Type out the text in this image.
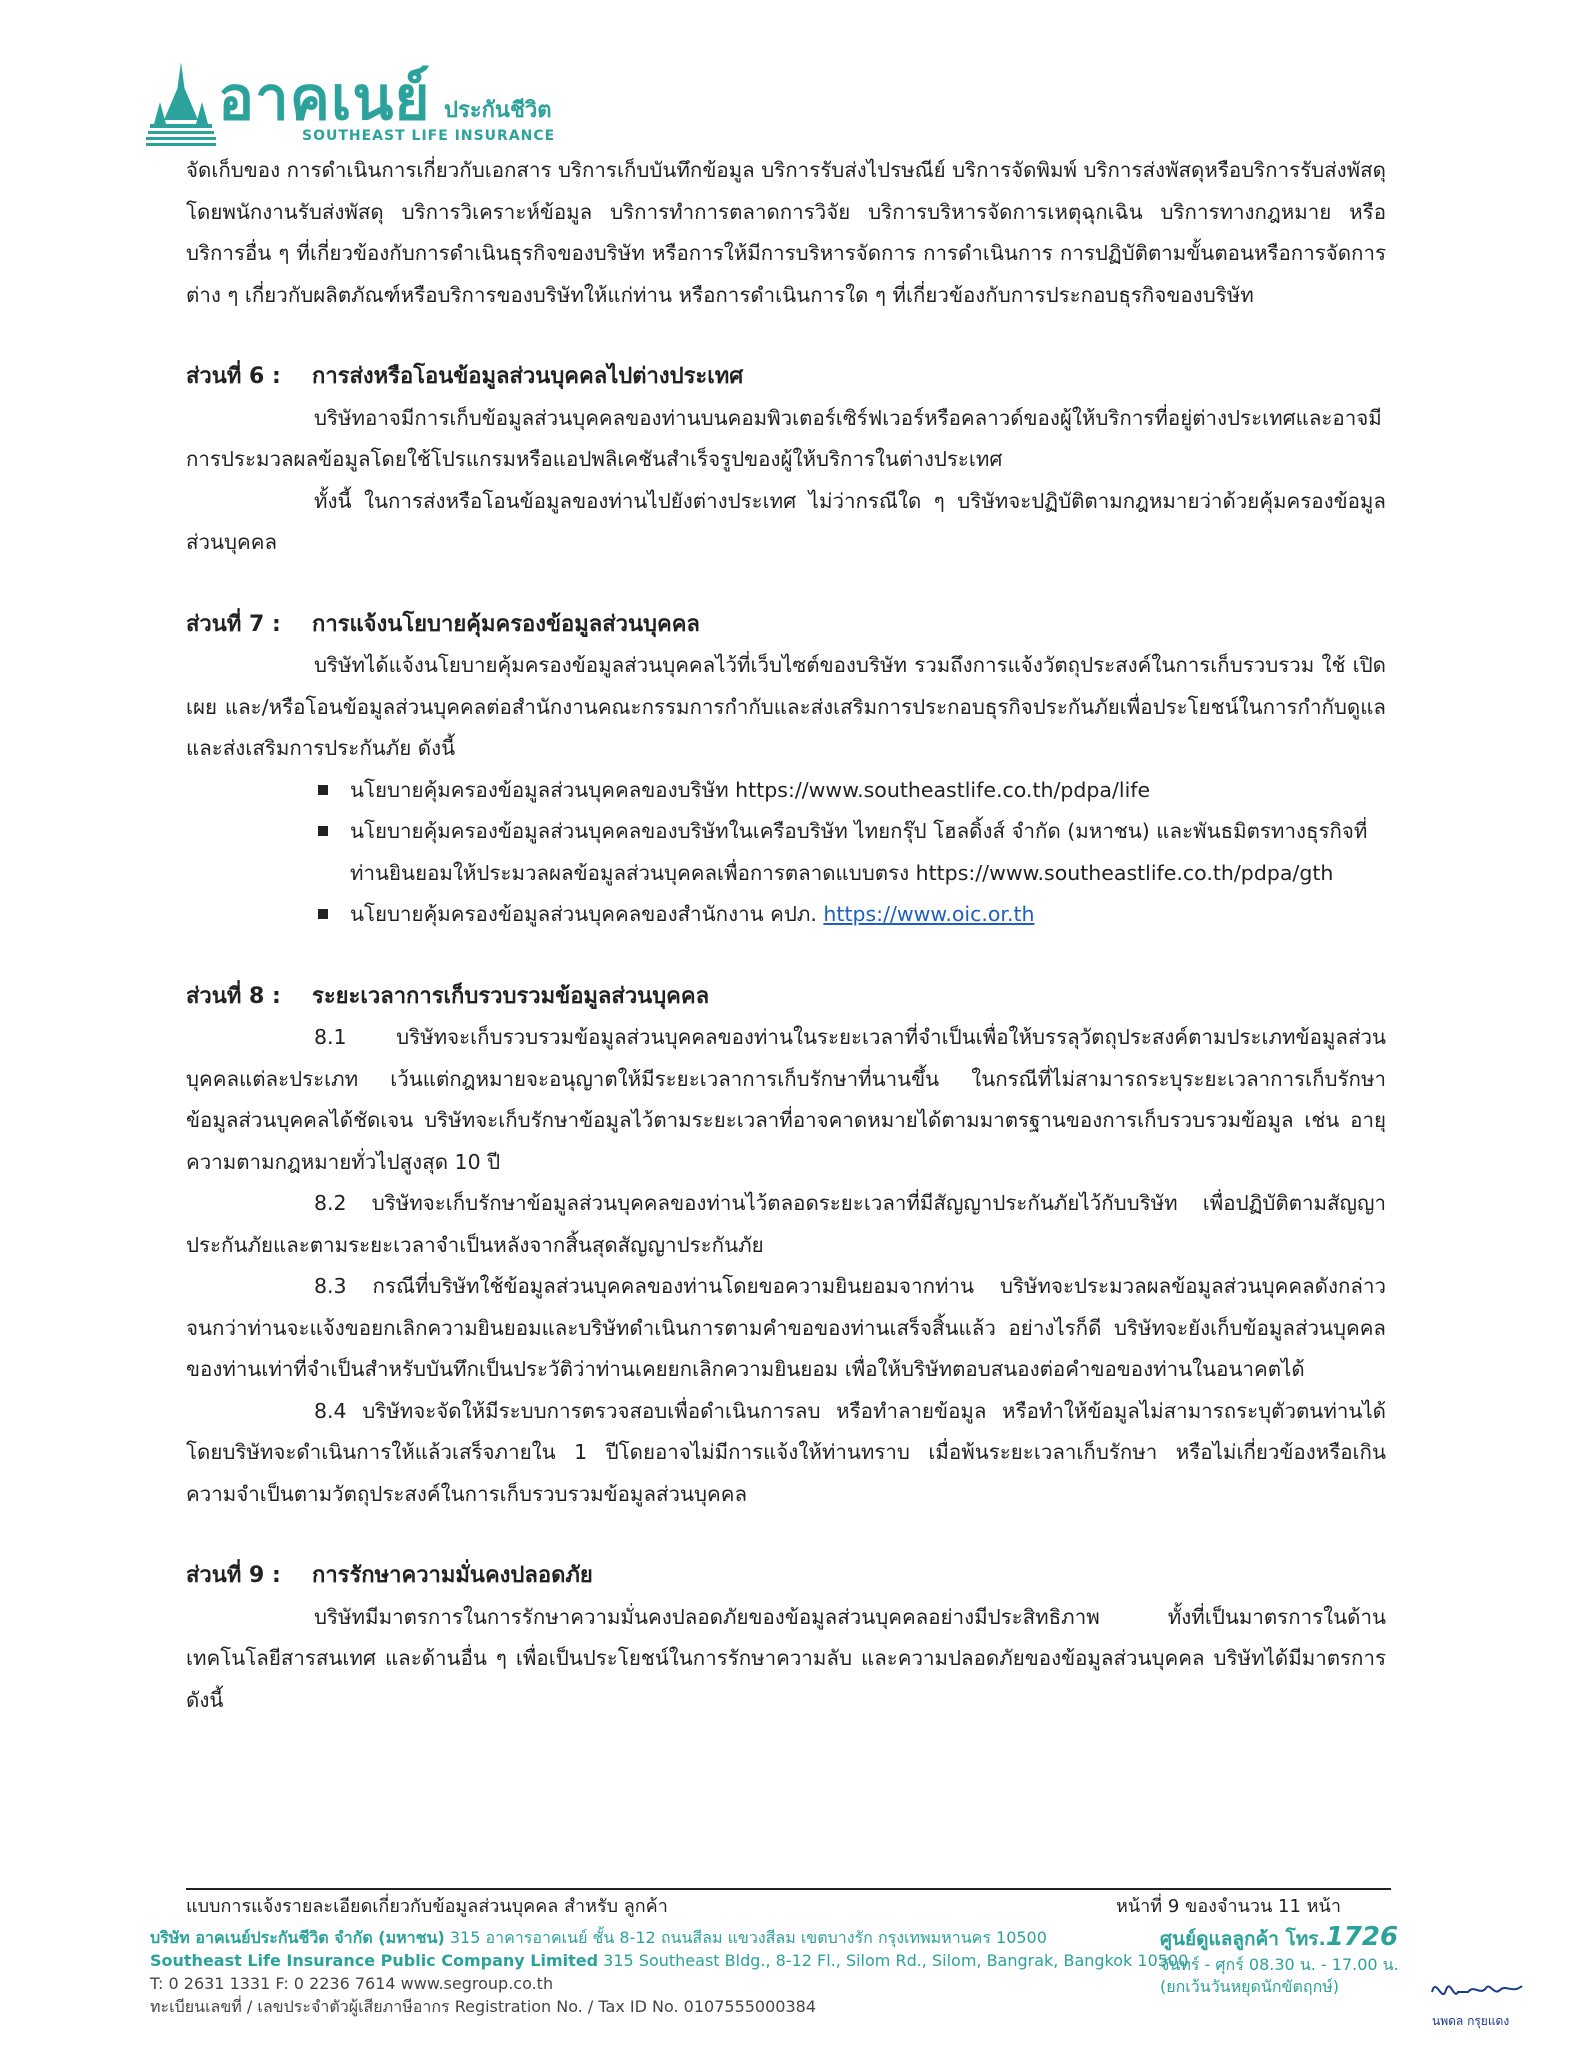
อาคเนย์ ประกันชีวิต
SOUTHEAST LIFE INSURANCE

จัดเก็บของ การดำเนินการเกี่ยวกับเอกสาร บริการเก็บบันทึกข้อมูล บริการรับส่งไปรษณีย์ บริการจัดพิมพ์ บริการส่งพัสดุหรือบริการรับส่งพัสดุโดยพนักงานรับส่งพัสดุ บริการวิเคราะห์ข้อมูล บริการทำการตลาดการวิจัย บริการบริหารจัดการเหตุฉุกเฉิน บริการทางกฎหมาย หรือบริการอื่น ๆ ที่เกี่ยวข้องกับการดำเนินธุรกิจของบริษัท หรือการให้มีการบริหารจัดการ การดำเนินการ การปฏิบัติตามขั้นตอนหรือการจัดการต่าง ๆ เกี่ยวกับผลิตภัณฑ์หรือบริการของบริษัทให้แก่ท่าน หรือการดำเนินการใด ๆ ที่เกี่ยวข้องกับการประกอบธุรกิจของบริษัท

ส่วนที่ 6 : การส่งหรือโอนข้อมูลส่วนบุคคลไปต่างประเทศ

บริษัทอาจมีการเก็บข้อมูลส่วนบุคคลของท่านบนคอมพิวเตอร์เซิร์ฟเวอร์หรือคลาวด์ของผู้ให้บริการที่อยู่ต่างประเทศและอาจมีการประมวลผลข้อมูลโดยใช้โปรแกรมหรือแอปพลิเคชันสำเร็จรูปของผู้ให้บริการในต่างประเทศ

ทั้งนี้ ในการส่งหรือโอนข้อมูลของท่านไปยังต่างประเทศ ไม่ว่ากรณีใด ๆ บริษัทจะปฏิบัติตามกฎหมายว่าด้วยคุ้มครองข้อมูลส่วนบุคคล

ส่วนที่ 7 : การแจ้งนโยบายคุ้มครองข้อมูลส่วนบุคคล

บริษัทได้แจ้งนโยบายคุ้มครองข้อมูลส่วนบุคคลไว้ที่เว็บไซต์ของบริษัท รวมถึงการแจ้งวัตถุประสงค์ในการเก็บรวบรวม ใช้ เปิดเผย และ/หรือโอนข้อมูลส่วนบุคคลต่อสำนักงานคณะกรรมการกำกับและส่งเสริมการประกอบธุรกิจประกันภัยเพื่อประโยชน์ในการกำกับดูแลและส่งเสริมการประกันภัย ดังนี้

นโยบายคุ้มครองข้อมูลส่วนบุคคลของบริษัท https://www.southeastlife.co.th/pdpa/life
นโยบายคุ้มครองข้อมูลส่วนบุคคลของบริษัทในเครือบริษัท ไทยกรุ๊ป โฮลดิ้งส์ จำกัด (มหาชน) และพันธมิตรทางธุรกิจที่ท่านยินยอมให้ประมวลผลข้อมูลส่วนบุคคลเพื่อการตลาดแบบตรง https://www.southeastlife.co.th/pdpa/gth
นโยบายคุ้มครองข้อมูลส่วนบุคคลของสำนักงาน คปภ. https://www.oic.or.th
ส่วนที่ 8 : ระยะเวลาการเก็บรวบรวมข้อมูลส่วนบุคคล

8.1 บริษัทจะเก็บรวบรวมข้อมูลส่วนบุคคลของท่านในระยะเวลาที่จำเป็นเพื่อให้บรรลุวัตถุประสงค์ตามประเภทข้อมูลส่วนบุคคลแต่ละประเภท เว้นแต่กฎหมายจะอนุญาตให้มีระยะเวลาการเก็บรักษาที่นานขึ้น ในกรณีที่ไม่สามารถระบุระยะเวลาการเก็บรักษาข้อมูลส่วนบุคคลได้ชัดเจน บริษัทจะเก็บรักษาข้อมูลไว้ตามระยะเวลาที่อาจคาดหมายได้ตามมาตรฐานของการเก็บรวบรวมข้อมูล เช่น อายุความตามกฎหมายทั่วไปสูงสุด 10 ปี

8.2 บริษัทจะเก็บรักษาข้อมูลส่วนบุคคลของท่านไว้ตลอดระยะเวลาที่มีสัญญาประกันภัยไว้กับบริษัท เพื่อปฏิบัติตามสัญญาประกันภัยและตามระยะเวลาจำเป็นหลังจากสิ้นสุดสัญญาประกันภัย

8.3 กรณีที่บริษัทใช้ข้อมูลส่วนบุคคลของท่านโดยขอความยินยอมจากท่าน บริษัทจะประมวลผลข้อมูลส่วนบุคคลดังกล่าวจนกว่าท่านจะแจ้งขอยกเลิกความยินยอมและบริษัทดำเนินการตามคำขอของท่านเสร็จสิ้นแล้ว อย่างไรก็ดี บริษัทจะยังเก็บข้อมูลส่วนบุคคลของท่านเท่าที่จำเป็นสำหรับบันทึกเป็นประวัติว่าท่านเคยยกเลิกความยินยอม เพื่อให้บริษัทตอบสนองต่อคำขอของท่านในอนาคตได้

8.4 บริษัทจะจัดให้มีระบบการตรวจสอบเพื่อดำเนินการลบ หรือทำลายข้อมูล หรือทำให้ข้อมูลไม่สามารถระบุตัวตนท่านได้ โดยบริษัทจะดำเนินการให้แล้วเสร็จภายใน 1 ปีโดยอาจไม่มีการแจ้งให้ท่านทราบ เมื่อพ้นระยะเวลาเก็บรักษา หรือไม่เกี่ยวข้องหรือเกินความจำเป็นตามวัตถุประสงค์ในการเก็บรวบรวมข้อมูลส่วนบุคคล

ส่วนที่ 9 : การรักษาความมั่นคงปลอดภัย

บริษัทมีมาตรการในการรักษาความมั่นคงปลอดภัยของข้อมูลส่วนบุคคลอย่างมีประสิทธิภาพ ทั้งที่เป็นมาตรการในด้านเทคโนโลยีสารสนเทศ และด้านอื่น ๆ เพื่อเป็นประโยชน์ในการรักษาความลับ และความปลอดภัยของข้อมูลส่วนบุคคล บริษัทได้มีมาตรการ ดังนี้

แบบการแจ้งรายละเอียดเกี่ยวกับข้อมูลส่วนบุคคล สำหรับ ลูกค้า	หน้าที่ 9 ของจำนวน 11 หน้า
บริษัท อาคเนย์ประกันชีวิต จำกัด (มหาชน) 315 อาคารอาคเนย์ ชั้น 8-12 ถนนสีลม แขวงสีลม เขตบางรัก กรุงเทพมหานคร 10500
Southeast Life Insurance Public Company Limited 315 Southeast Bldg., 8-12 Fl., Silom Rd., Silom, Bangrak, Bangkok 10500
T: 0 2631 1331 F: 0 2236 7614 www.segroup.co.th
ทะเบียนเลขที่ / เลขประจำตัวผู้เสียภาษีอากร Registration No. / Tax ID No. 0107555000384
ศูนย์ดูแลลูกค้า โทร.1726
จันทร์ - ศุกร์ 08.30 น. - 17.00 น.
(ยกเว้นวันหยุดนักขัตฤกษ์)
นพดล กรุยแดง
